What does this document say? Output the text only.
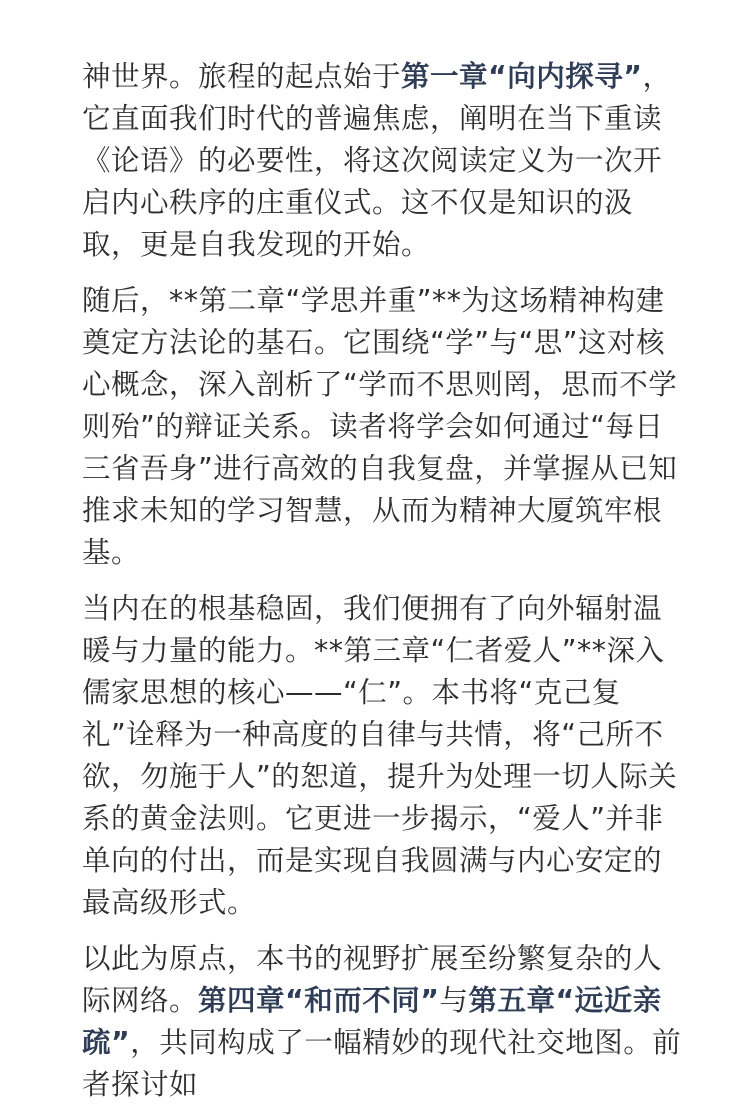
神世界。旅程的起点始于第一章“向内探寻”，它直面我们时代的普遍焦虑，阐明在当下重读《论语》的必要性，将这次阅读定义为一次开启内心秩序的庄重仪式。这不仅是知识的汲取，更是自我发现的开始。

随后，**第二章“学思并重”**为这场精神构建奠定方法论的基石。它围绕“学”与“思”这对核心概念，深入剖析了“学而不思则罔，思而不学则殆”的辩证关系。读者将学会如何通过“每日三省吾身”进行高效的自我复盘，并掌握从已知推求未知的学习智慧，从而为精神大厦筑牢根基。

当内在的根基稳固，我们便拥有了向外辐射温暖与力量的能力。**第三章“仁者爱人”**深入儒家思想的核心——“仁”。本书将“克己复礼”诠释为一种高度的自律与共情，将“己所不欲，勿施于人”的恕道，提升为处理一切人际关系的黄金法则。它更进一步揭示，“爱人”并非单向的付出，而是实现自我圆满与内心安定的最高级形式。

以此为原点，本书的视野扩展至纷繁复杂的人际网络。第四章“和而不同”与第五章“远近亲疏”，共同构成了一幅精妙的现代社交地图。前者探讨如
